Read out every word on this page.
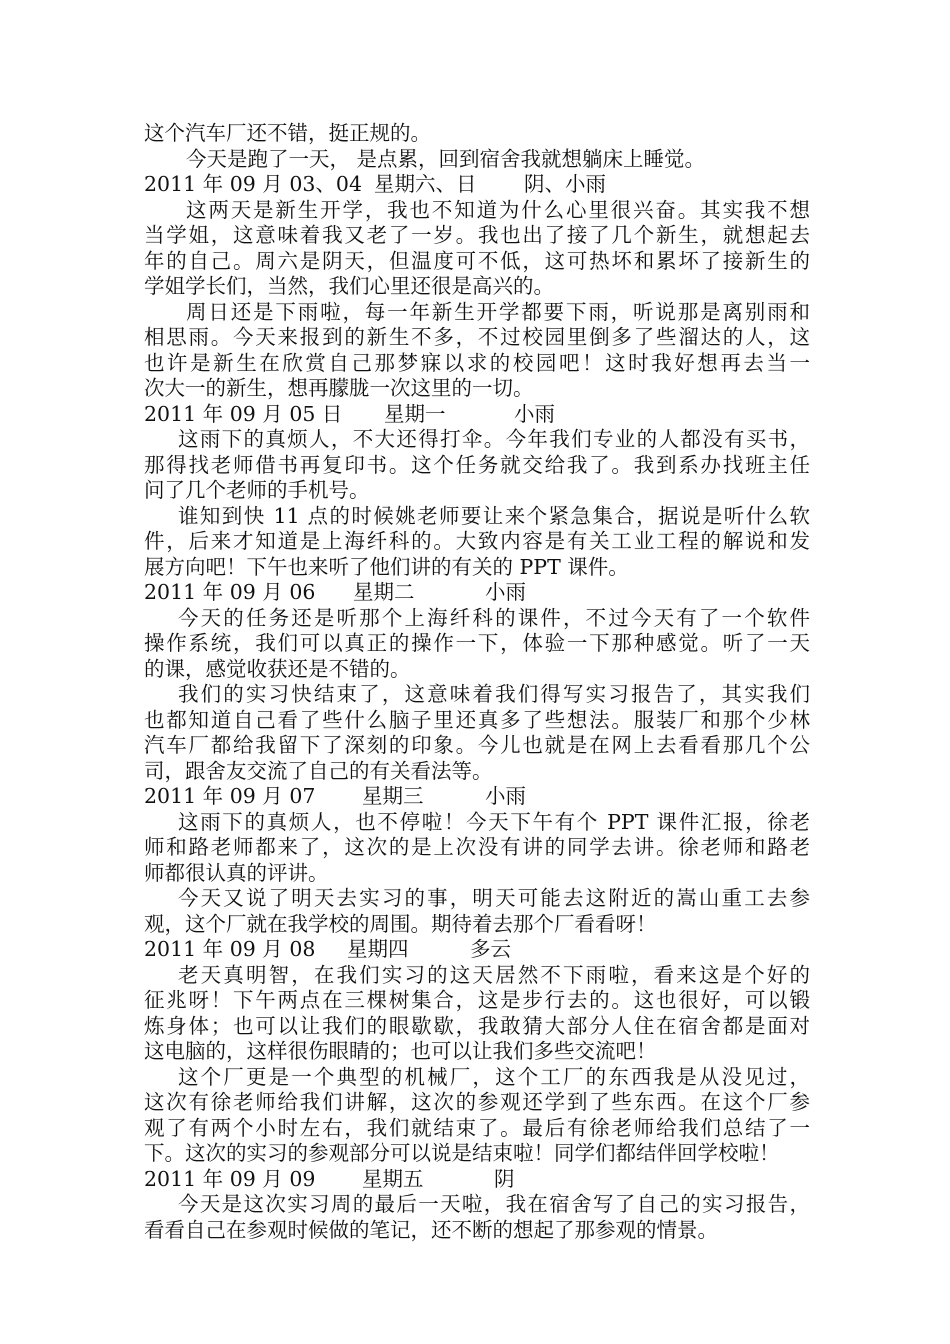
这个汽车厂还不错，挺正规的。
今天是跑了一天， 是点累，回到宿舍我就想躺床上睡觉。
2011 年 09 月 03、04 星期六、日 阴、小雨
这两天是新生开学，我也不知道为什么心里很兴奋。其实我不想
当学姐，这意味着我又老了一岁。我也出了接了几个新生，就想起去
年的自己。周六是阴天，但温度可不低，这可热坏和累坏了接新生的
学姐学长们，当然，我们心里还很是高兴的。
周日还是下雨啦，每一年新生开学都要下雨，听说那是离别雨和
相思雨。今天来报到的新生不多，不过校园里倒多了些溜达的人，这
也许是新生在欣赏自己那梦寐以求的校园吧！这时我好想再去当一
次大一的新生，想再朦胧一次这里的一切。
2011 年 09 月 05 日 星期一	小雨
这雨下的真烦人，不大还得打伞。今年我们专业的人都没有买书，
那得找老师借书再复印书。这个任务就交给我了。我到系办找班主任
问了几个老师的手机号。
谁知到快 11 点的时候姚老师要让来个紧急集合，据说是听什么软
件，后来才知道是上海纤科的。大致内容是有关工业工程的解说和发
展方向吧！下午也来听了他们讲的有关的 PPT 课件。
2011 年 09 月 06 星期二	小雨
今天的任务还是听那个上海纤科的课件，不过今天有了一个软件
操作系统，我们可以真正的操作一下，体验一下那种感觉。听了一天
的课，感觉收获还是不错的。
我们的实习快结束了，这意味着我们得写实习报告了，其实我们
也都知道自己看了些什么脑子里还真多了些想法。服装厂和那个少林
汽车厂都给我留下了深刻的印象。今儿也就是在网上去看看那几个公
司，跟舍友交流了自己的有关看法等。
2011 年 09 月 07 星期三	小雨
这雨下的真烦人，也不停啦！今天下午有个 PPT 课件汇报，徐老
师和路老师都来了，这次的是上次没有讲的同学去讲。徐老师和路老
师都很认真的评讲。
今天又说了明天去实习的事，明天可能去这附近的嵩山重工去参
观，这个厂就在我学校的周围。期待着去那个厂看看呀！
2011 年 09 月 08 星期四	多云
老天真明智，在我们实习的这天居然不下雨啦，看来这是个好的
征兆呀！下午两点在三棵树集合，这是步行去的。这也很好，可以锻
炼身体；也可以让我们的眼歇歇，我敢猜大部分人住在宿舍都是面对
这电脑的，这样很伤眼睛的；也可以让我们多些交流吧！
这个厂更是一个典型的机械厂，这个工厂的东西我是从没见过，
这次有徐老师给我们讲解，这次的参观还学到了些东西。在这个厂参
观了有两个小时左右，我们就结束了。最后有徐老师给我们总结了一
下。这次的实习的参观部分可以说是结束啦！同学们都结伴回学校啦！
2011 年 09 月 09 星期五	阴
今天是这次实习周的最后一天啦，我在宿舍写了自己的实习报告，
看看自己在参观时候做的笔记，还不断的想起了那参观的情景。
